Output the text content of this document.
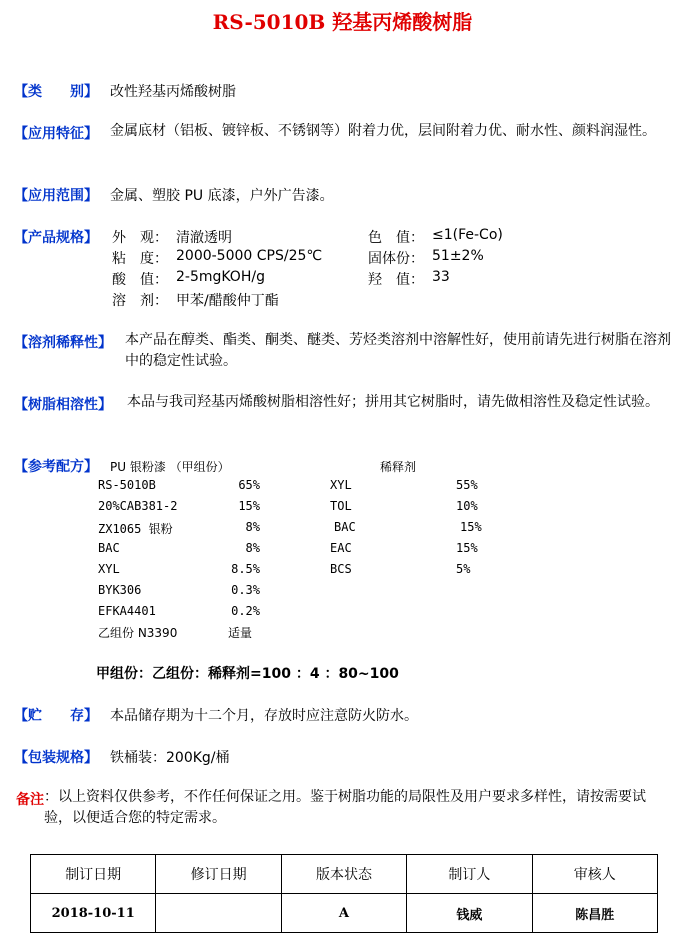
RS-5010B 羟基丙烯酸树脂
【类　　别】 改性羟基丙烯酸树脂
【应用特征】 金属底材（铝板、镀锌板、不锈钢等）附着力优，层间附着力优、耐水性、颜料润湿性。
【应用范围】 金属、塑胶 PU 底漆，户外广告漆。
【产品规格】 外　观： 清澈透明	色　值： ≤1(Fe-Co)
粘　度： 2000-5000 CPS/25℃	固体份： 51±2%
酸　值： 2-5mgKOH/g	羟　值： 33
溶　剂： 甲苯/醋酸仲丁酯
【溶剂稀释性】 本产品在醇类、酯类、酮类、醚类、芳烃类溶剂中溶解性好，使用前请先进行树脂在溶剂中的稳定性试验。
【树脂相溶性】 本品与我司羟基丙烯酸树脂相溶性好；拼用其它树脂时，请先做相溶性及稳定性试验。
【参考配方】 PU 银粉漆 （甲组份）	稀释剂
RS-5010B	65%
20%CAB381-2	15%
ZX1065 银粉	8%
BAC	8%
XYL	8.5%
BYK306	0.3%
EFKA4401	0.2%
乙组份 N3390	适量
XYL	55%
TOL	10%
BAC	15%
EAC	15%
BCS	5%
甲组份：乙组份：稀释剂=100 ：4 ：80~100
【贮　　存】 本品储存期为十二个月，存放时应注意防火防水。
【包装规格】 铁桶装：200Kg/桶
备注 ：以上资料仅供参考，不作任何保证之用。鉴于树脂功能的局限性及用户要求多样性，请按需要试验，以便适合您的特定需求。
制订日期	修订日期	版本状态	制订人	审核人
2018-10-11		A	钱威	陈昌胜
